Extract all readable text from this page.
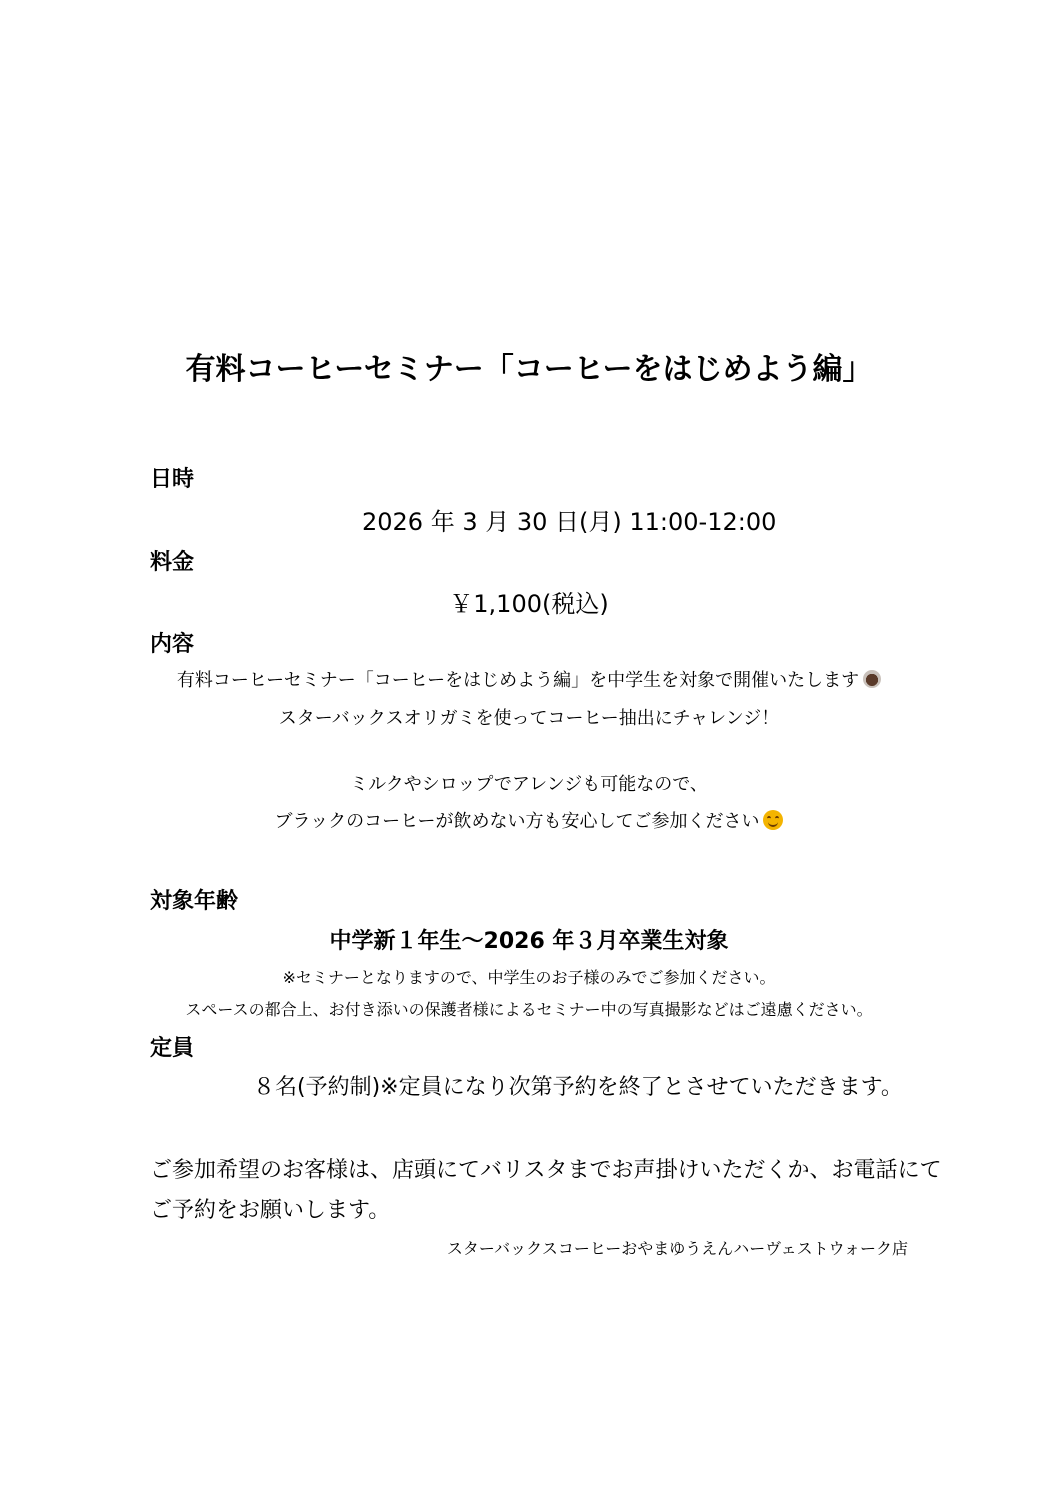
有料コーヒーセミナー「コーヒーをはじめよう編」
日時
2026 年 3 月 30 日(月) 11:00-12:00
料金
￥1,100(税込)
内容
有料コーヒーセミナー「コーヒーをはじめよう編」を中学生を対象で開催いたします
スターバックスオリガミを使ってコーヒー抽出にチャレンジ！
ミルクやシロップでアレンジも可能なので、
ブラックのコーヒーが飲めない方も安心してご参加ください
対象年齢
中学新１年生～2026 年３月卒業生対象
※セミナーとなりますので、中学生のお子様のみでご参加ください。
スペースの都合上、お付き添いの保護者様によるセミナー中の写真撮影などはご遠慮ください。
定員
８名(予約制)※定員になり次第予約を終了とさせていただきます。
ご参加希望のお客様は、店頭にてバリスタまでお声掛けいただくか、お電話にて
ご予約をお願いします。
スターバックスコーヒーおやまゆうえんハーヴェストウォーク店
